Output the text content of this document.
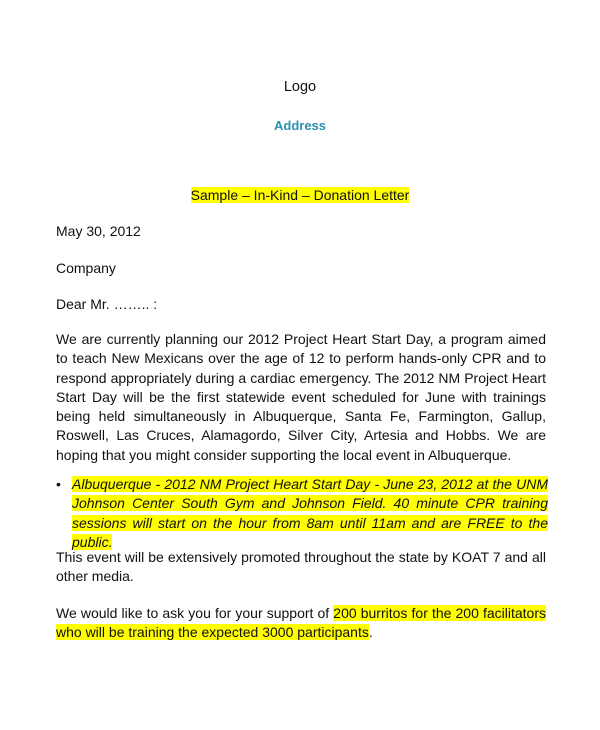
Logo
Address
Sample – In-Kind – Donation Letter
May 30, 2012
Company
Dear Mr. …….. :
We are currently planning our 2012 Project Heart Start Day, a program aimed to teach New Mexicans over the age of 12 to perform hands-only CPR and to respond appropriately during a cardiac emergency. The 2012 NM Project Heart Start Day will be the first statewide event scheduled for June with trainings being held simultaneously in Albuquerque, Santa Fe, Farmington, Gallup, Roswell, Las Cruces, Alamagordo, Silver City, Artesia and Hobbs. We are hoping that you might consider supporting the local event in Albuquerque.
• Albuquerque - 2012 NM Project Heart Start Day - June 23, 2012 at the UNM Johnson Center South Gym and Johnson Field. 40 minute CPR training sessions will start on the hour from 8am until 11am and are FREE to the public.
This event will be extensively promoted throughout the state by KOAT 7 and all other media.
We would like to ask you for your support of 200 burritos for the 200 facilitators who will be training the expected 3000 participants.
